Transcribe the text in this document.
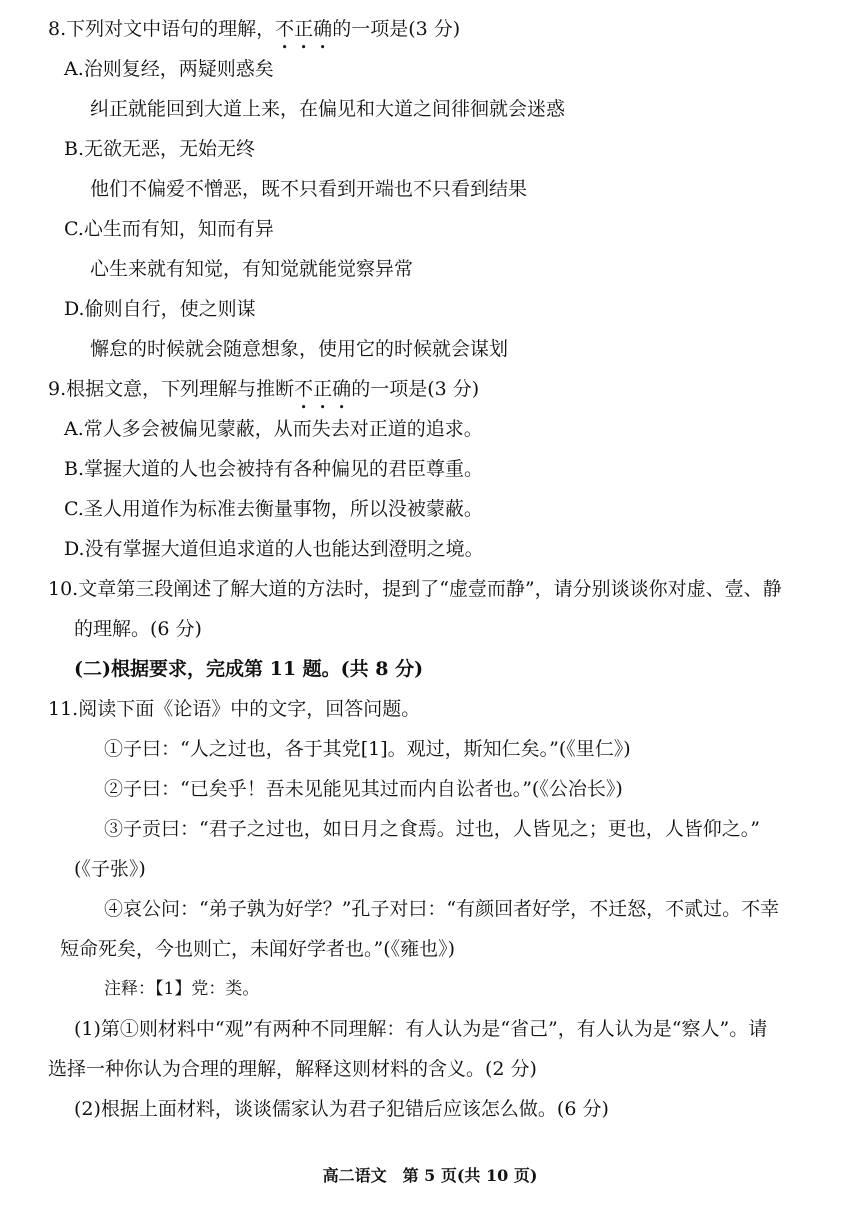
8.下列对文中语句的理解，不正确的一项是(3 分)
A.治则复经，两疑则惑矣
纠正就能回到大道上来，在偏见和大道之间徘徊就会迷惑
B.无欲无恶，无始无终
他们不偏爱不憎恶，既不只看到开端也不只看到结果
C.心生而有知，知而有异
心生来就有知觉，有知觉就能觉察异常
D.偷则自行，使之则谋
懈怠的时候就会随意想象，使用它的时候就会谋划
9.根据文意，下列理解与推断不正确的一项是(3 分)
A.常人多会被偏见蒙蔽，从而失去对正道的追求。
B.掌握大道的人也会被持有各种偏见的君臣尊重。
C.圣人用道作为标准去衡量事物，所以没被蒙蔽。
D.没有掌握大道但追求道的人也能达到澄明之境。
10.文章第三段阐述了解大道的方法时，提到了“虚壹而静”，请分别谈谈你对虚、壹、静
的理解。(6 分)
(二)根据要求，完成第 11 题。(共 8 分)
11.阅读下面《论语》中的文字，回答问题。
①子曰：“人之过也，各于其党[1]。观过，斯知仁矣。”(《里仁》)
②子曰：“已矣乎！吾未见能见其过而内自讼者也。”(《公冶长》)
③子贡曰：“君子之过也，如日月之食焉。过也，人皆见之；更也，人皆仰之。”
(《子张》)
④哀公问：“弟子孰为好学？”孔子对曰：“有颜回者好学，不迁怒，不贰过。不幸
短命死矣，今也则亡，未闻好学者也。”(《雍也》)
注释：【1】党：类。
(1)第①则材料中“观”有两种不同理解：有人认为是“省己”，有人认为是“察人”。请
选择一种你认为合理的理解，解释这则材料的含义。(2 分)
(2)根据上面材料，谈谈儒家认为君子犯错后应该怎么做。(6 分)
高二语文　第 5 页(共 10 页)
